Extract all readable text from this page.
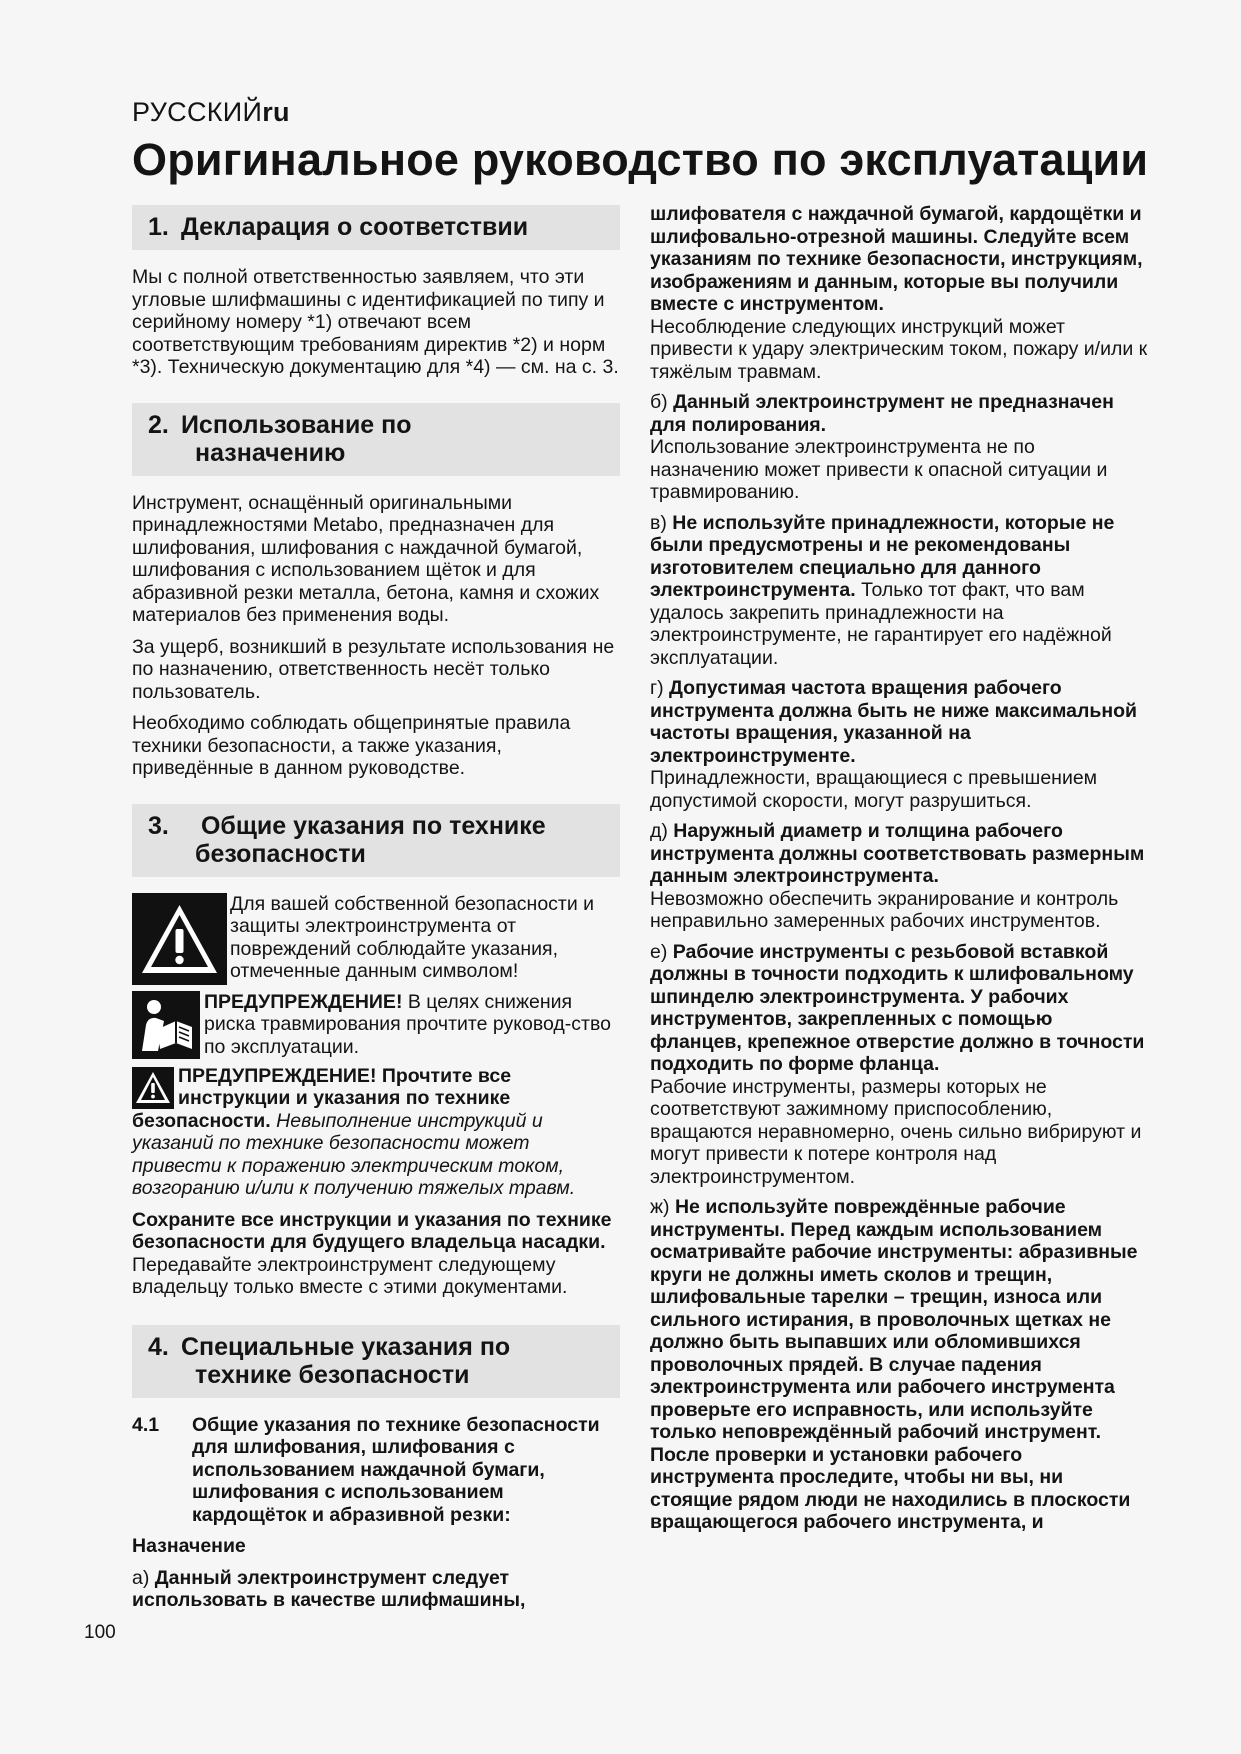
РУССКИЙru
Оригинальное руководство по эксплуатации
1. Декларация о соответствии

Мы с полной ответственностью заявляем, что эти угловые шлифмашины с идентификацией по типу и серийному номеру *1) отвечают всем соответствующим требованиям директив *2) и норм *3). Техническую документацию для *4) — см. на с. 3.

2. Использование по
назначению

Инструмент, оснащённый оригинальными принадлежностями Metabo, предназначен для шлифования, шлифования с наждачной бумагой, шлифования с использованием щёток и для абразивной резки металла, бетона, камня и схожих материалов без применения воды.

За ущерб, возникший в результате использования не по назначению, ответственность несёт только пользователь.

Необходимо соблюдать общепринятые правила техники безопасности, а также указания, приведённые в данном руководстве.

3. Общие указания по технике
безопасности

Для вашей собственной безопасности и защиты электроинструмента от повреждений соблюдайте указания, отмеченные данным символом!

ПРЕДУПРЕЖДЕНИЕ! В целях снижения риска травмирования прочтите руковод-ство по эксплуатации.

ПРЕДУПРЕЖДЕНИЕ! Прочтите все инструкции и указания по технике безопасности. Невыполнение инструкций и указаний по технике безопасности может привести к поражению электрическим током, возгоранию и/или к получению тяжелых травм.

Сохраните все инструкции и указания по технике безопасности для будущего владельца насадки.

Передавайте электроинструмент следующему владельцу только вместе с этими документами.

4. Специальные указания по
технике безопасности
4.1	Общие указания по технике безопасности для шлифования, шлифования с использованием наждачной бумаги, шлифования с использованием кардощёток и абразивной резки:

Назначение

а) Данный электроинструмент следует использовать в качестве шлифмашины,

шлифователя с наждачной бумагой, кардощётки и шлифовально-отрезной машины. Следуйте всем указаниям по технике безопасности, инструкциям, изображениям и данным, которые вы получили вместе с инструментом.
Несоблюдение следующих инструкций может привести к удару электрическим током, пожару и/или к тяжёлым травмам.

б) Данный электроинструмент не предназначен для полирования.
Использование электроинструмента не по назначению может привести к опасной ситуации и травмированию.

в) Не используйте принадлежности, которые не были предусмотрены и не рекомендованы изготовителем специально для данного электроинструмента. Только тот факт, что вам удалось закрепить принадлежности на электроинструменте, не гарантирует его надёжной эксплуатации.

г) Допустимая частота вращения рабочего инструмента должна быть не ниже максимальной частоты вращения, указанной на электроинструменте.
Принадлежности, вращающиеся с превышением допустимой скорости, могут разрушиться.

д) Наружный диаметр и толщина рабочего инструмента должны соответствовать размерным данным электроинструмента.
Невозможно обеспечить экранирование и контроль неправильно замеренных рабочих инструментов.

е) Рабочие инструменты с резьбовой вставкой должны в точности подходить к шлифовальному шпинделю электроинструмента. У рабочих инструментов, закрепленных с помощью фланцев, крепежное отверстие должно в точности подходить по форме фланца.
Рабочие инструменты, размеры которых не соответствуют зажимному приспособлению, вращаются неравномерно, очень сильно вибрируют и могут привести к потере контроля над электроинструментом.

ж) Не используйте повреждённые рабочие инструменты. Перед каждым использованием осматривайте рабочие инструменты: абразивные круги не должны иметь сколов и трещин, шлифовальные тарелки – трещин, износа или сильного истирания, в проволочных щетках не должно быть выпавших или обломившихся проволочных прядей. В случае падения электроинструмента или рабочего инструмента проверьте его исправность, или используйте только неповреждённый рабочий инструмент. После проверки и установки рабочего инструмента проследите, чтобы ни вы, ни стоящие рядом люди не находились в плоскости вращающегося рабочего инструмента, и

100
